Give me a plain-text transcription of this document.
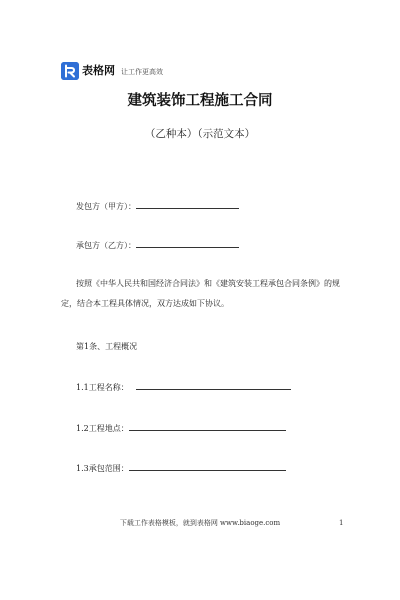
表格网 让工作更高效
建筑装饰工程施工合同
（乙种本）（示范文本）
发包方（甲方）：
承包方（乙方）：
按照《中华人民共和国经济合同法》和《建筑安装工程承包合同条例》的规
定，结合本工程具体情况，双方达成如下协议。
第1条、工程概况
1.1工程名称：
1.2工程地点：
1.3承包范围：
下载工作表格模板，就到表格网 www.biaoge.com	1
